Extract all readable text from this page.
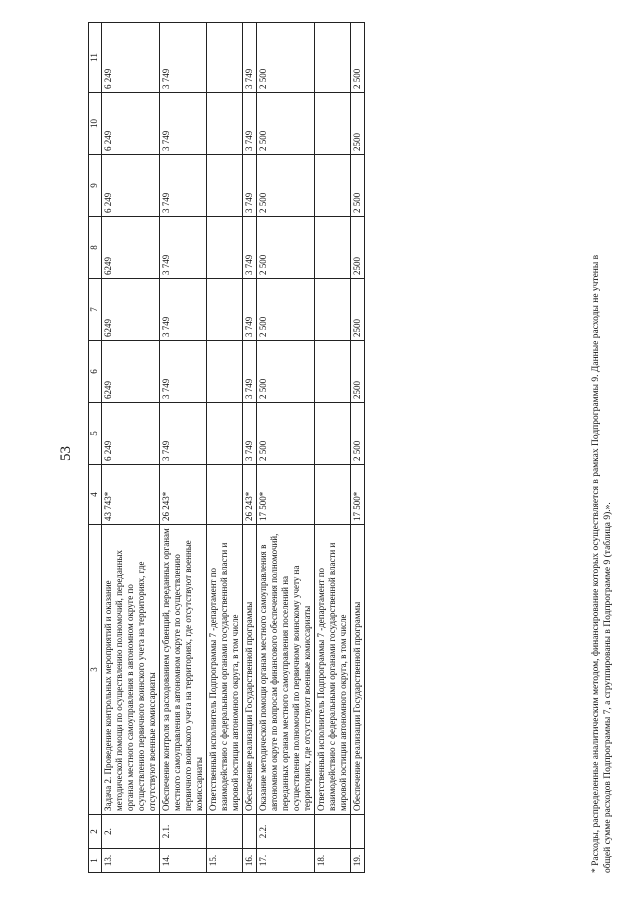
53
1	2	3	4	5	6	7	8	9	10	11
13.	2.	Задача 2. Проведение контрольных мероприятий и оказание методической помощи по осуществлению полномочий, переданных органам местного самоуправления в автономном округе по осуществлению первичного воинского учета на территориях, где отсутствуют военные комиссариаты	43 743*	6 249	6249	6249	6249	6 249	6 249	6 249
14.	2.1.	Обеспечение контроля за расходованием субвенций, переданных органам местного самоуправления в автономном округе по осуществлению первичного воинского учета на территориях, где отсутствуют военные комиссариаты	26 243*	3 749	3 749	3 749	3 749	3 749	3 749	3 749
15.		Ответственный исполнитель Подпрограммы 7 -департамент по взаимодействию с федеральными органами государственной власти и мировой юстиции автономного округа, в том числе								
16.		Обеспечение реализации Государственной программы	26 243*	3 749	3 749	3 749	3 749	3 749	3 749	3 749
17.	2.2.	Оказание методической помощи органам местного самоуправления в автономном округе по вопросам финансового обеспечения полномочий, переданных органам местного самоуправления поселений на осуществление полномочий по первичному воинскому учету на территориях, где отсутствуют военные комиссариаты	17 500*	2 500	2 500	2 500	2 500	2 500	2 500	2 500
18.		Ответственный исполнитель Подпрограммы 7 -департамент по взаимодействию с федеральными органами государственной власти и мировой юстиции автономного округа, в том числе								
19.		Обеспечение реализации Государственной программы	17 500*	2 500	2500	2500	2500	2 500	2500	2 500
* Расходы, распределенные аналитическим методом, финансирование которых осуществляется в рамках Подпрограммы 9. Данные расходы не учтены в общей сумме расходов Подпрограммы 7, а сгруппированы в Подпрограмме 9 (таблица 9).».
